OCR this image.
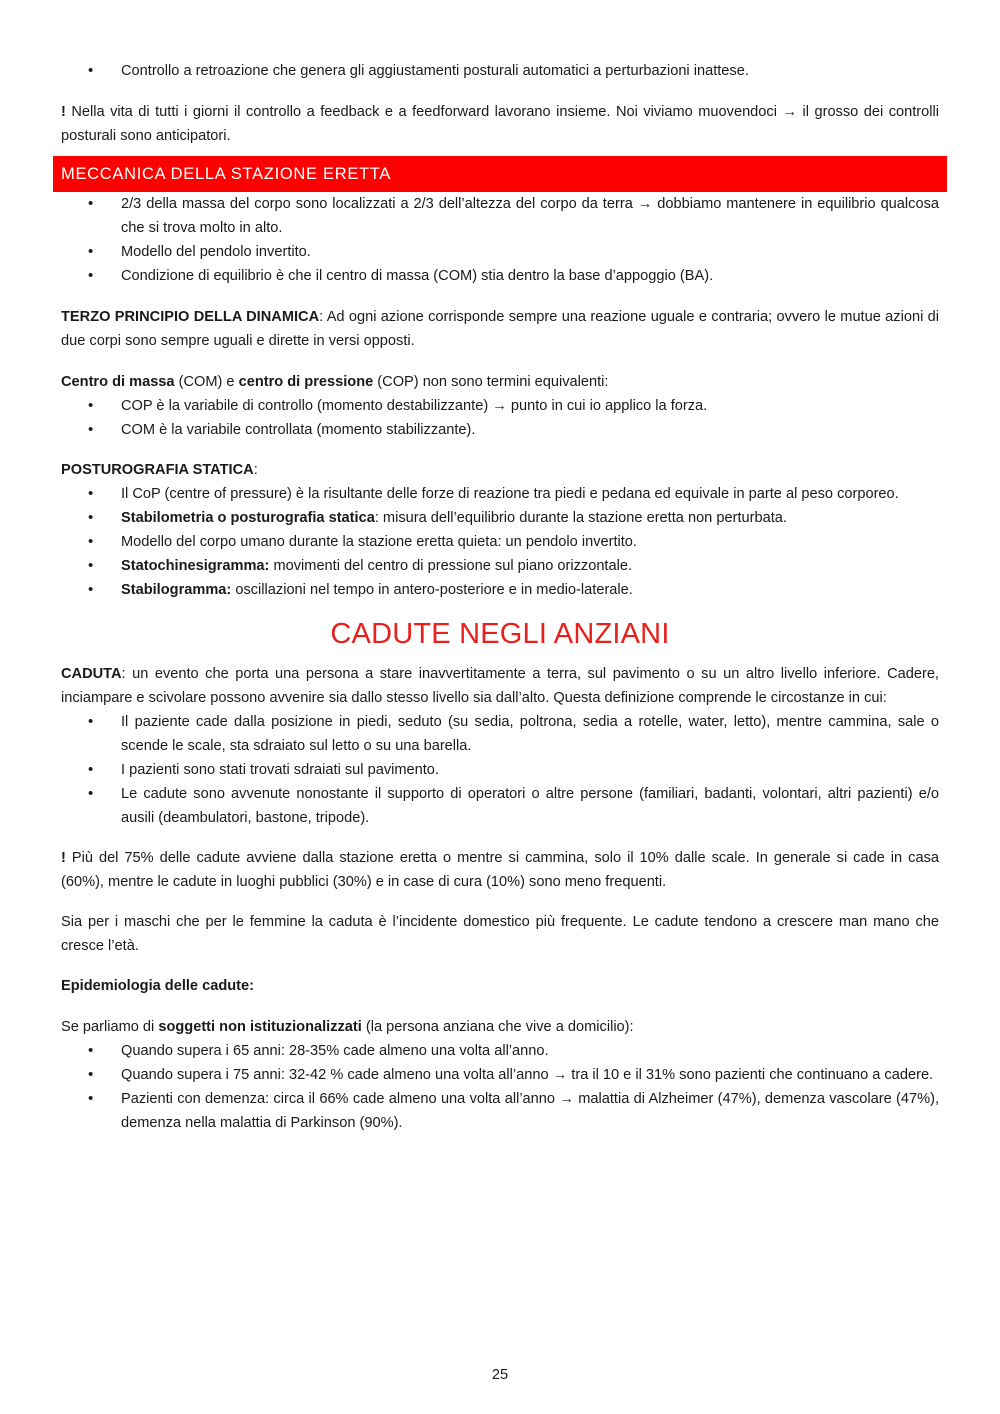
• Controllo a retroazione che genera gli aggiustamenti posturali automatici a perturbazioni inattese.

! Nella vita di tutti i giorni il controllo a feedback e a feedforward lavorano insieme. Noi viviamo muovendoci → il grosso dei controlli posturali sono anticipatori.

MECCANICA DELLA STAZIONE ERETTA
• 2/3 della massa del corpo sono localizzati a 2/3 dell’altezza del corpo da terra → dobbiamo mantenere in equilibrio qualcosa che si trova molto in alto.
• Modello del pendolo invertito.
• Condizione di equilibrio è che il centro di massa (COM) stia dentro la base d’appoggio (BA).

TERZO PRINCIPIO DELLA DINAMICA: Ad ogni azione corrisponde sempre una reazione uguale e contraria; ovvero le mutue azioni di due corpi sono sempre uguali e dirette in versi opposti.

Centro di massa (COM) e centro di pressione (COP) non sono termini equivalenti:

• COP è la variabile di controllo (momento destabilizzante) → punto in cui io applico la forza.
• COM è la variabile controllata (momento stabilizzante).

POSTUROGRAFIA STATICA:

• Il CoP (centre of pressure) è la risultante delle forze di reazione tra piedi e pedana ed equivale in parte al peso corporeo.
• Stabilometria o posturografia statica: misura dell’equilibrio durante la stazione eretta non perturbata.
• Modello del corpo umano durante la stazione eretta quieta: un pendolo invertito.
• Statochinesigramma: movimenti del centro di pressione sul piano orizzontale.
• Stabilogramma: oscillazioni nel tempo in antero-posteriore e in medio-laterale.
CADUTE NEGLI ANZIANI

CADUTA: un evento che porta una persona a stare inavvertitamente a terra, sul pavimento o su un altro livello inferiore. Cadere, inciampare e scivolare possono avvenire sia dallo stesso livello sia dall’alto. Questa definizione comprende le circostanze in cui:

• Il paziente cade dalla posizione in piedi, seduto (su sedia, poltrona, sedia a rotelle, water, letto), mentre cammina, sale o scende le scale, sta sdraiato sul letto o su una barella.
• I pazienti sono stati trovati sdraiati sul pavimento.
• Le cadute sono avvenute nonostante il supporto di operatori o altre persone (familiari, badanti, volontari, altri pazienti) e/o ausili (deambulatori, bastone, tripode).

! Più del 75% delle cadute avviene dalla stazione eretta o mentre si cammina, solo il 10% dalle scale. In generale si cade in casa (60%), mentre le cadute in luoghi pubblici (30%) e in case di cura (10%) sono meno frequenti.

Sia per i maschi che per le femmine la caduta è l’incidente domestico più frequente. Le cadute tendono a crescere man mano che cresce l’età.

Epidemiologia delle cadute:

Se parliamo di soggetti non istituzionalizzati (la persona anziana che vive a domicilio):

• Quando supera i 65 anni: 28-35% cade almeno una volta all’anno.
• Quando supera i 75 anni: 32-42 % cade almeno una volta all’anno → tra il 10 e il 31% sono pazienti che continuano a cadere.
• Pazienti con demenza: circa il 66% cade almeno una volta all’anno → malattia di Alzheimer (47%), demenza vascolare (47%), demenza nella malattia di Parkinson (90%).
25
